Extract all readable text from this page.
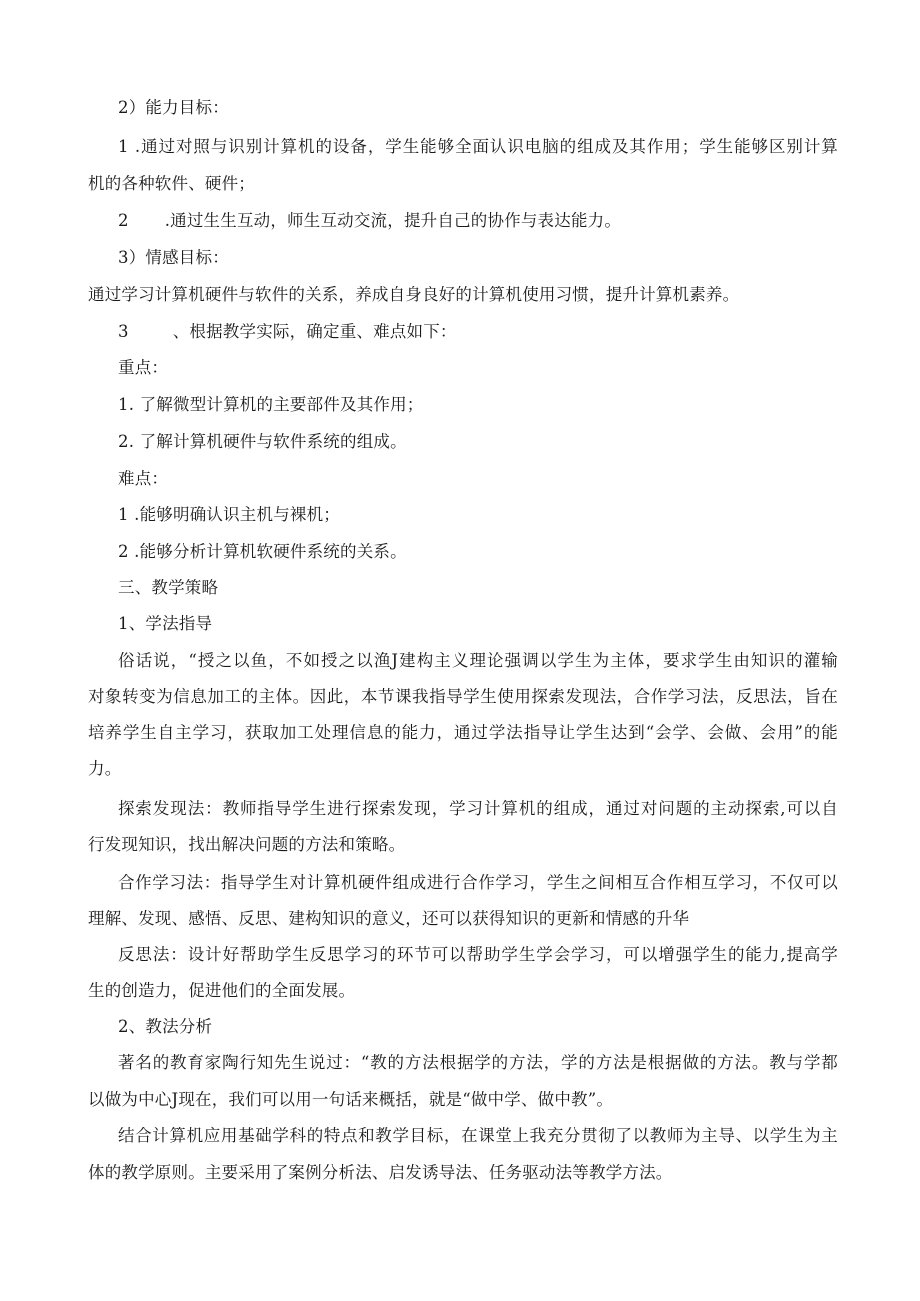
2）能力目标：
1 .通过对照与识别计算机的设备，学生能够全面认识电脑的组成及其作用；学生能够区别计算
机的各种软件、硬件；
2 .通过生生互动，师生互动交流，提升自己的协作与表达能力。
3）情感目标：
通过学习计算机硬件与软件的关系，养成自身良好的计算机使用习惯，提升计算机素养。
3	、根据教学实际，确定重、难点如下：
重点：
1. 了解微型计算机的主要部件及其作用；
2. 了解计算机硬件与软件系统的组成。
难点：
1 .能够明确认识主机与裸机；
2 .能够分析计算机软硬件系统的关系。
三、教学策略
1、学法指导
俗话说，“授之以鱼，不如授之以渔J建构主义理论强调以学生为主体，要求学生由知识的灌输
对象转变为信息加工的主体。因此，本节课我指导学生使用探索发现法，合作学习法，反思法，旨在
培养学生自主学习，获取加工处理信息的能力，通过学法指导让学生达到“会学、会做、会用”的能
力。
探索发现法：教师指导学生进行探索发现，学习计算机的组成，通过对问题的主动探索,可以自
行发现知识，找出解决问题的方法和策略。
合作学习法：指导学生对计算机硬件组成进行合作学习，学生之间相互合作相互学习，不仅可以
理解、发现、感悟、反思、建构知识的意义，还可以获得知识的更新和情感的升华
反思法：设计好帮助学生反思学习的环节可以帮助学生学会学习，可以增强学生的能力,提高学
生的创造力，促进他们的全面发展。
2、教法分析
著名的教育家陶行知先生说过：“教的方法根据学的方法，学的方法是根据做的方法。教与学都
以做为中心J现在，我们可以用一句话来概括，就是“做中学、做中教”。
结合计算机应用基础学科的特点和教学目标，在课堂上我充分贯彻了以教师为主导、以学生为主
体的教学原则。主要采用了案例分析法、启发诱导法、任务驱动法等教学方法。
